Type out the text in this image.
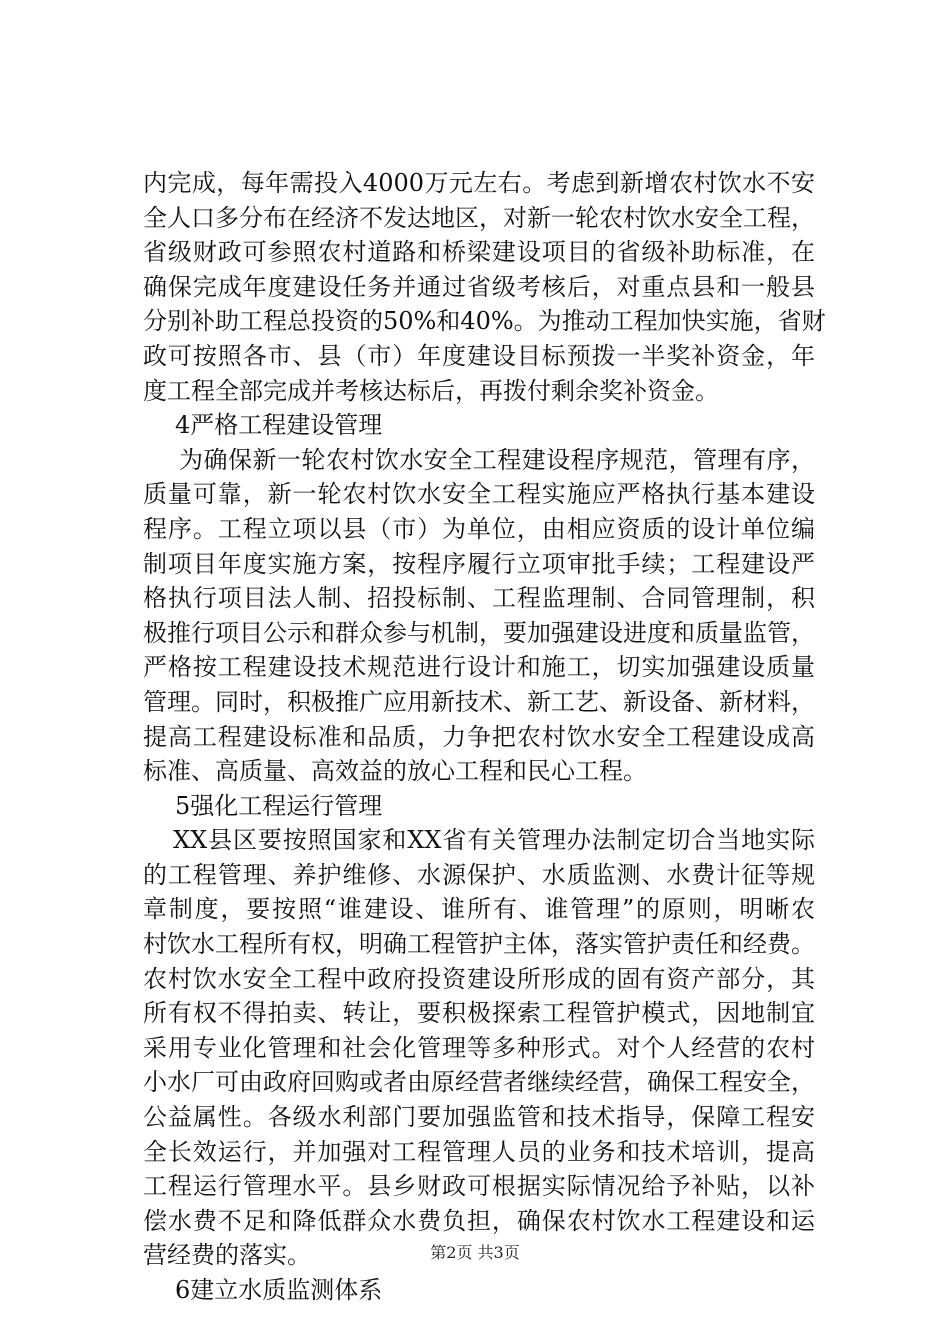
内完成，每年需投入4000万元左右。考虑到新增农村饮水不安
全人口多分布在经济不发达地区，对新一轮农村饮水安全工程，
省级财政可参照农村道路和桥梁建设项目的省级补助标准，在
确保完成年度建设任务并通过省级考核后，对重点县和一般县
分别补助工程总投资的50%和40%。为推动工程加快实施，省财
政可按照各市、县（市）年度建设目标预拨一半奖补资金，年
度工程全部完成并考核达标后，再拨付剩余奖补资金。
4严格工程建设管理
为确保新一轮农村饮水安全工程建设程序规范，管理有序，
质量可靠，新一轮农村饮水安全工程实施应严格执行基本建设
程序。工程立项以县（市）为单位，由相应资质的设计单位编
制项目年度实施方案，按程序履行立项审批手续；工程建设严
格执行项目法人制、招投标制、工程监理制、合同管理制，积
极推行项目公示和群众参与机制，要加强建设进度和质量监管，
严格按工程建设技术规范进行设计和施工，切实加强建设质量
管理。同时，积极推广应用新技术、新工艺、新设备、新材料，
提高工程建设标准和品质，力争把农村饮水安全工程建设成高
标准、高质量、高效益的放心工程和民心工程。
5强化工程运行管理
XX县区要按照国家和XX省有关管理办法制定切合当地实际
的工程管理、养护维修、水源保护、水质监测、水费计征等规
章制度，要按照“谁建设、谁所有、谁管理”的原则，明晰农
村饮水工程所有权，明确工程管护主体，落实管护责任和经费。
农村饮水安全工程中政府投资建设所形成的固有资产部分，其
所有权不得拍卖、转让，要积极探索工程管护模式，因地制宜
采用专业化管理和社会化管理等多种形式。对个人经营的农村
小水厂可由政府回购或者由原经营者继续经营，确保工程安全，
公益属性。各级水利部门要加强监管和技术指导，保障工程安
全长效运行，并加强对工程管理人员的业务和技术培训，提高
工程运行管理水平。县乡财政可根据实际情况给予补贴，以补
偿水费不足和降低群众水费负担，确保农村饮水工程建设和运
营经费的落实。
6建立水质监测体系
第2页 共3页
